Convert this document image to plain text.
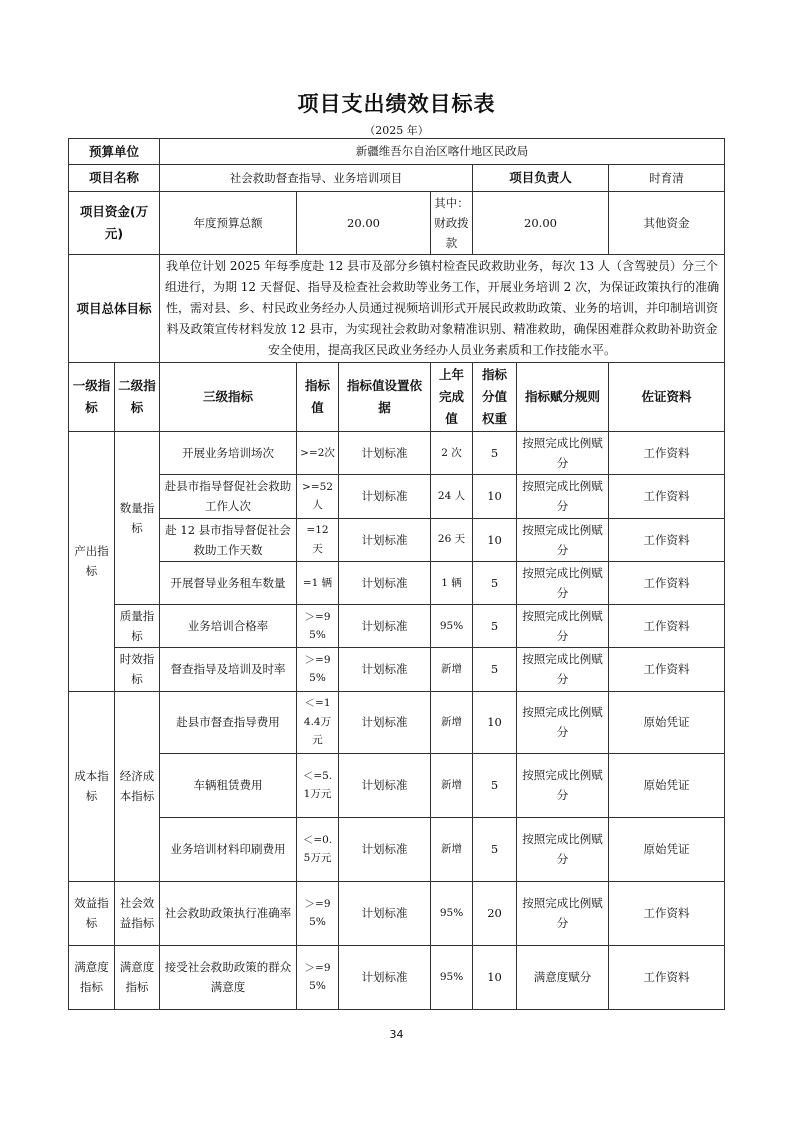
项目支出绩效目标表
（2025 年）
预算单位		新疆维吾尔自治区喀什地区民政局							
项目名称		社会救助督查指导、业务培训项目				项目负责人		时育清	
项目资金(万元)		年度预算总额	20.00		其中：财政拨款	20.00		其他资金	
项目总体目标		我单位计划 2025 年每季度赴 12 县市及部分乡镇村检查民政救助业务，每次 13 人（含驾驶员）分三个组进行，为期 12 天督促、指导及检查社会救助等业务工作，开展业务培训 2 次，为保证政策执行的准确性，需对县、乡、村民政业务经办人员通过视频培训形式开展民政救助政策、业务的培训，并印制培训资料及政策宣传材料发放 12 县市，为实现社会救助对象精准识别、精准救助，确保困难群众救助补助资金安全使用，提高我区民政业务经办人员业务素质和工作技能水平。							
一级指标	二级指标	三级指标	指标值	指标值设置依据	上年完成值	指标分值权重	指标赋分规则	佐证资料	
产出指标	数量指标	开展业务培训场次	>=2次	计划标准	2 次	5	按照完成比例赋分	工作资料	
		赴县市指导督促社会救助工作人次	>=52人	计划标准	24 人	10	按照完成比例赋分	工作资料	
		赴 12 县市指导督促社会救助工作天数	=12 天	计划标准	26 天	10	按照完成比例赋分	工作资料	
		开展督导业务租车数量	=1 辆	计划标准	1 辆	5	按照完成比例赋分	工作资料	
	质量指标	业务培训合格率	＞=95%	计划标准	95%	5	按照完成比例赋分	工作资料	
	时效指标	督查指导及培训及时率	＞=95%	计划标准	新增	5	按照完成比例赋分	工作资料	
成本指标	经济成本指标	赴县市督查指导费用	＜=14.4万元	计划标准	新增	10	按照完成比例赋分	原始凭证	
		车辆租赁费用	＜=5.1万元	计划标准	新增	5	按照完成比例赋分	原始凭证	
		业务培训材料印刷费用	＜=0.5万元	计划标准	新增	5	按照完成比例赋分	原始凭证	
效益指标	社会效益指标	社会救助政策执行准确率	＞=95%	计划标准	95%	20	按照完成比例赋分	工作资料	
满意度指标	满意度指标	接受社会救助政策的群众满意度	＞=95%	计划标准	95%	10	满意度赋分	工作资料	
34
